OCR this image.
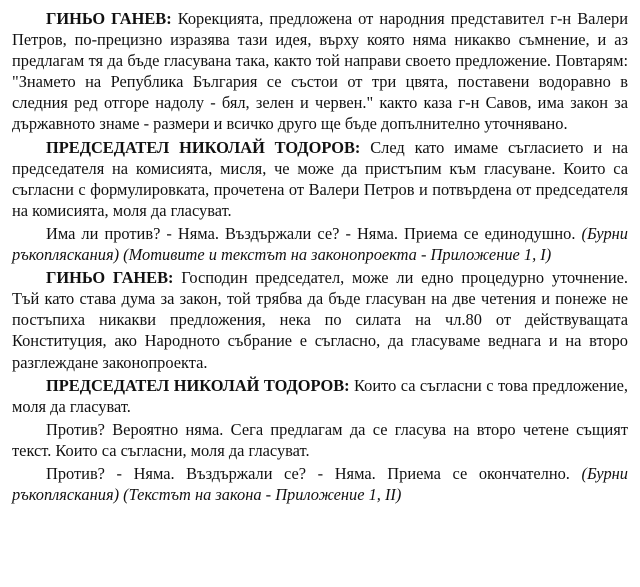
ГИНЬО ГАНЕВ: Корекцията, предложена от народния представител г-н Валери Петров, по-прецизно изразява тази идея, върху която няма никакво съмнение, и аз предлагам тя да бъде гласувана така, както той направи своето предложение. Повтарям: "Знамето на Република България се състои от три цвята, поставени водоравно в следния ред отгоре надолу - бял, зелен и червен." както каза г-н Савов, има закон за държавното знаме - размери и всичко друго ще бъде допълнително уточнявано.

ПРЕДСЕДАТЕЛ НИКОЛАЙ ТОДОРОВ: След като имаме съгласието и на председателя на комисията, мисля, че може да пристъпим към гласуване. Които са съгласни с формулировката, прочетена от Валери Петров и потвърдена от председателя на комисията, моля да гласуват.

Има ли против? - Няма. Въздържали се? - Няма. Приема се единодушно. (Бурни ръкопляскания) (Мотивите и текстът на законопроекта - Приложение 1, I)

ГИНЬО ГАНЕВ: Господин председател, може ли едно процедурно уточнение. Тъй като става дума за закон, той трябва да бъде гласуван на две четения и понеже не постъпиха никакви предложения, нека по силата на чл.80 от действуващата Конституция, ако Народното събрание е съгласно, да гласуваме веднага и на второ разглеждане законопроекта.

ПРЕДСЕДАТЕЛ НИКОЛАЙ ТОДОРОВ: Които са съгласни с това предложение, моля да гласуват.

Против? Вероятно няма. Сега предлагам да се гласува на второ четене същият текст. Които са съгласни, моля да гласуват.

Против? - Няма. Въздържали се? - Няма. Приема се окончателно. (Бурни ръкопляскания) (Текстът на закона - Приложение 1, II)
